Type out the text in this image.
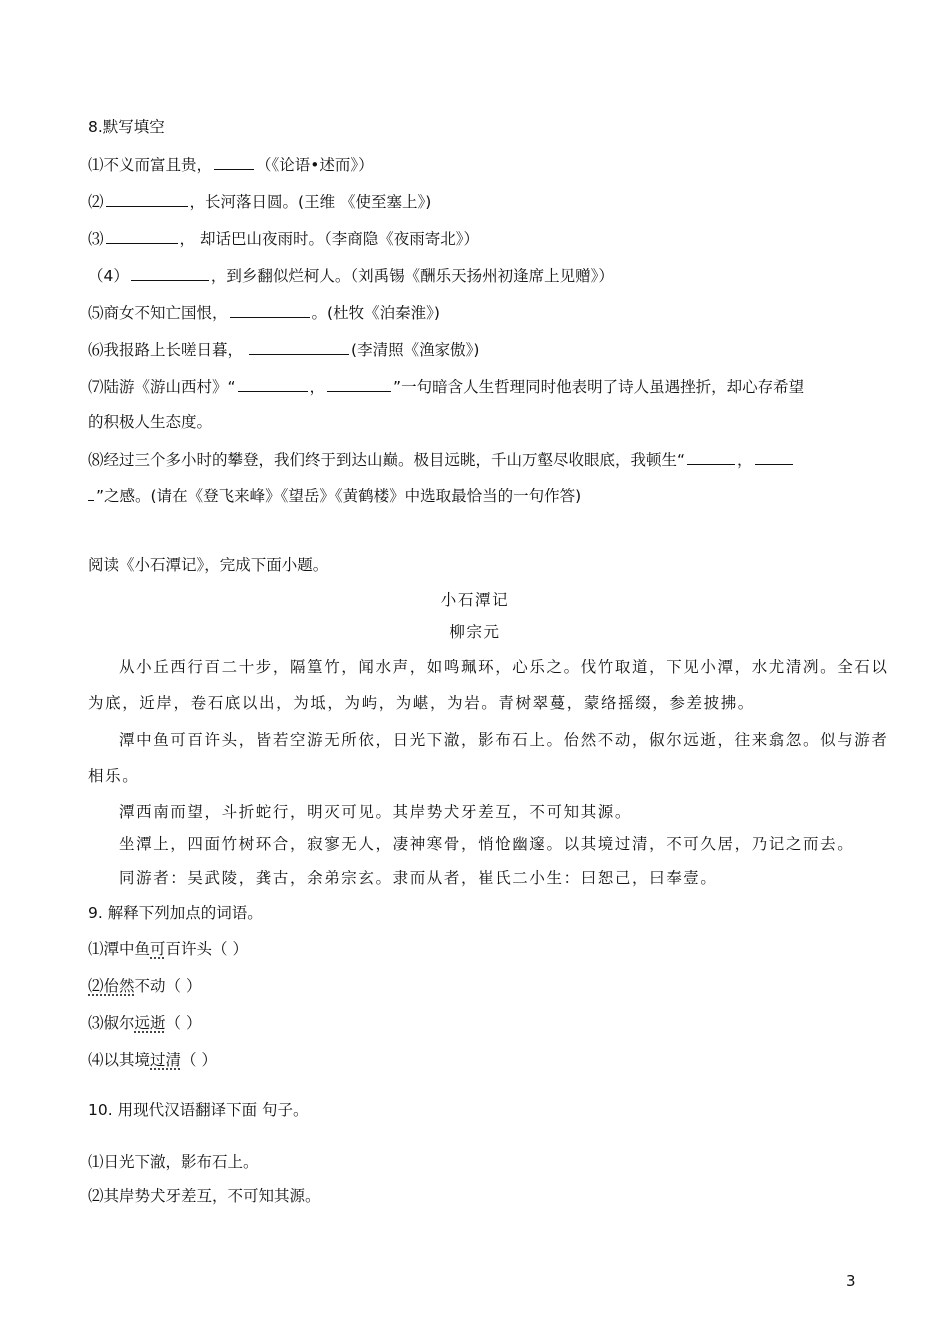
8.默写填空
⑴不义而富且贵，	（《论语•述而》）
⑵	，长河落日圆。(王维 《使至塞上》)
⑶	， 却话巴山夜雨时。（李商隐《夜雨寄北》）
（4）	，到乡翻似烂柯人。（刘禹锡《酬乐天扬州初逢席上见赠》）
⑸商女不知亡国恨，	。(杜牧《泊秦淮》)
⑹我报路上长嗟日暮，	(李清照《渔家傲》)
⑺陆游《游山西村》“	，	”一句暗含人生哲理同时他表明了诗人虽遇挫折，却心存希望
的积极人生态度。
⑻经过三个多小时的攀登，我们终于到达山巅。极目远眺，千山万壑尽收眼底，我顿生“	，
”之感。(请在《登飞来峰》《望岳》《黄鹤楼》中选取最恰当的一句作答)
阅读《小石潭记》，完成下面小题。
小石潭记
柳宗元
从小丘西行百二十步，隔篁竹，闻水声，如鸣珮环，心乐之。伐竹取道，下见小潭，水尤清冽。全石以
为底，近岸，卷石底以出，为坻，为屿，为嵁，为岩。青树翠蔓，蒙络摇缀，参差披拂。
潭中鱼可百许头，皆若空游无所依，日光下澈，影布石上。佁然不动，俶尔远逝，往来翕忽。似与游者
相乐。
潭西南而望，斗折蛇行，明灭可见。其岸势犬牙差互，不可知其源。
坐潭上，四面竹树环合，寂寥无人，凄神寒骨，悄怆幽邃。以其境过清，不可久居，乃记之而去。
同游者：吴武陵，龚古，余弟宗玄。隶而从者，崔氏二小生：曰恕己，曰奉壹。
9. 解释下列加点的词语。
⑴潭中鱼可百许头（ ）
⑵佁然不动（ ）
⑶俶尔远逝（ ）
⑷以其境过清（ ）
10. 用现代汉语翻译下面 句子。
⑴日光下澈，影布石上。
⑵其岸势犬牙差互，不可知其源。
3
